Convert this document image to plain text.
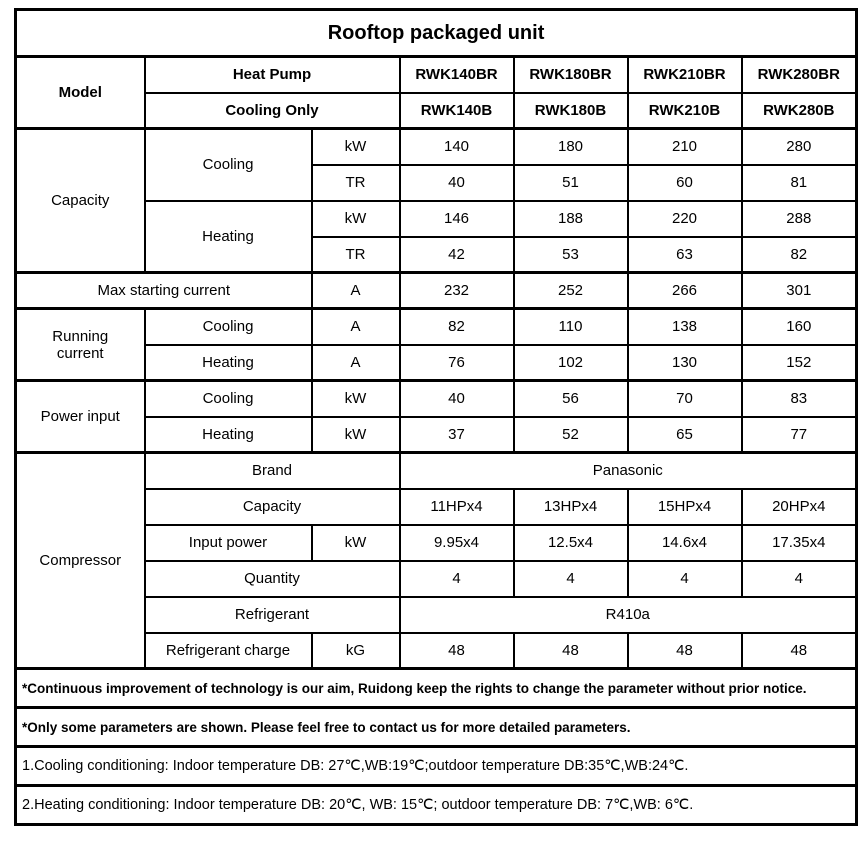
Rooftop packaged unit						
Model	Heat Pump		RWK140BR	RWK180BR	RWK210BR	RWK280BR
	Cooling Only		RWK140B	RWK180B	RWK210B	RWK280B
Capacity	Cooling	kW	140	180	210	280
		TR	40	51	60	81
	Heating	kW	146	188	220	288
		TR	42	53	63	82
Max starting current		A	232	252	266	301
Running current	Cooling	A	82	110	138	160
	Heating	A	76	102	130	152
Power input	Cooling	kW	40	56	70	83
	Heating	kW	37	52	65	77
Compressor	Brand		Panasonic			
	Capacity		11HPx4	13HPx4	15HPx4	20HPx4
	Input power	kW	9.95x4	12.5x4	14.6x4	17.35x4
	Quantity		4	4	4	4
	Refrigerant		R410a			
	Refrigerant charge	kG	48	48	48	48
*Continuous improvement of technology is our aim, Ruidong keep the rights to change the parameter without prior notice.						
*Only some parameters are shown. Please feel free to contact us for more detailed parameters.						
1.Cooling conditioning: Indoor temperature DB: 27℃,WB:19℃;outdoor temperature DB:35℃,WB:24℃.						
2.Heating conditioning: Indoor temperature DB: 20℃, WB: 15℃; outdoor temperature DB: 7℃,WB: 6℃.						
